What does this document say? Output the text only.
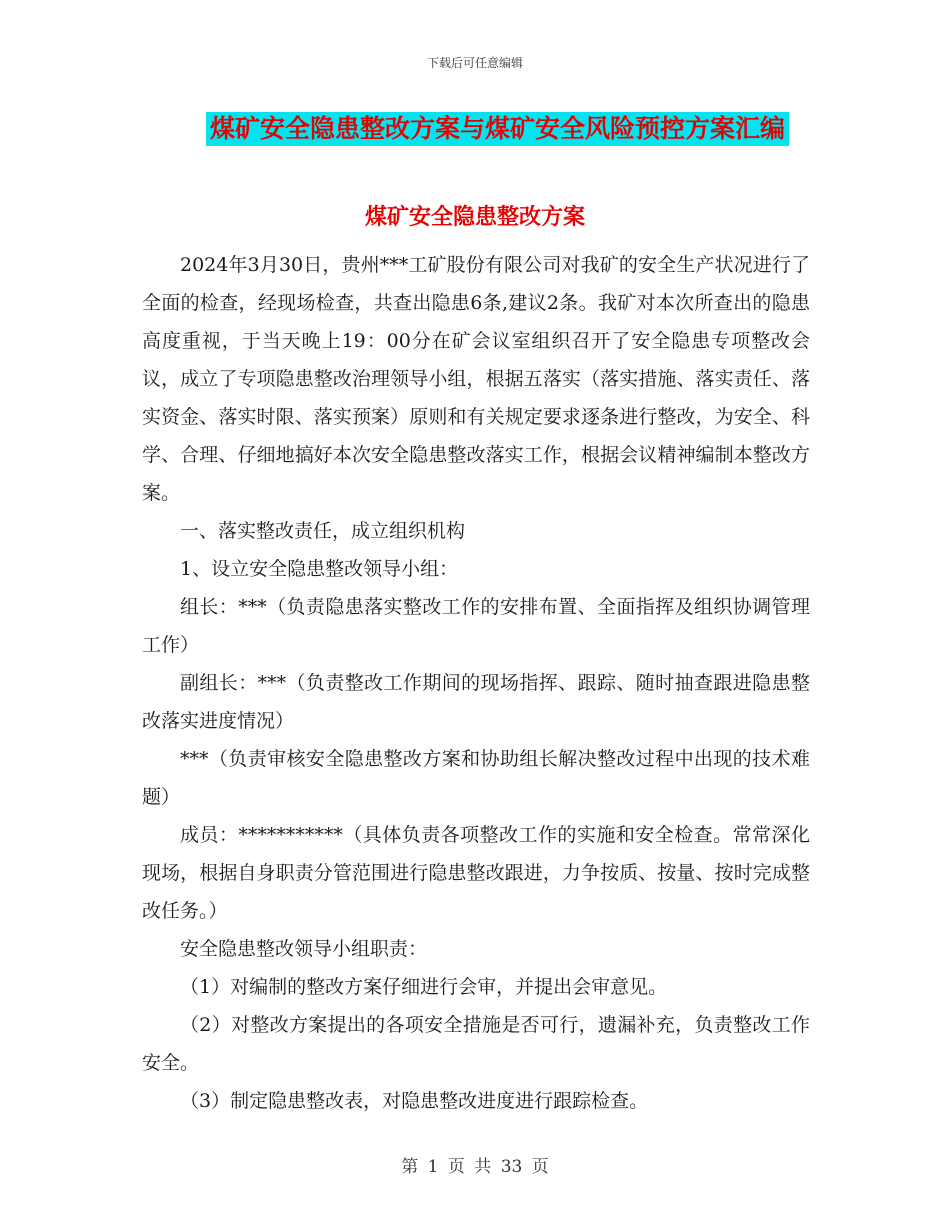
下载后可任意编辑
煤矿安全隐患整改方案与煤矿安全风险预控方案汇编
煤矿安全隐患整改方案

2024年3月30日，贵州***工矿股份有限公司对我矿的安全生产状况进行了全面的检查，经现场检查，共查出隐患6条,建议2条。我矿对本次所查出的隐患高度重视，于当天晚上19：00分在矿会议室组织召开了安全隐患专项整改会议，成立了专项隐患整改治理领导小组，根据五落实（落实措施、落实责任、落实资金、落实时限、落实预案）原则和有关规定要求逐条进行整改，为安全、科学、合理、仔细地搞好本次安全隐患整改落实工作，根据会议精神编制本整改方案。

一、落实整改责任，成立组织机构

1、设立安全隐患整改领导小组：

组长：***（负责隐患落实整改工作的安排布置、全面指挥及组织协调管理工作）

副组长：***（负责整改工作期间的现场指挥、跟踪、随时抽查跟进隐患整改落实进度情况）

***（负责审核安全隐患整改方案和协助组长解决整改过程中出现的技术难题）

成员：***********（具体负责各项整改工作的实施和安全检查。常常深化现场，根据自身职责分管范围进行隐患整改跟进，力争按质、按量、按时完成整改任务。）

安全隐患整改领导小组职责：

（1）对编制的整改方案仔细进行会审，并提出会审意见。

（2）对整改方案提出的各项安全措施是否可行，遗漏补充，负责整改工作安全。

（3）制定隐患整改表，对隐患整改进度进行跟踪检查。

第 1 页 共 33 页
